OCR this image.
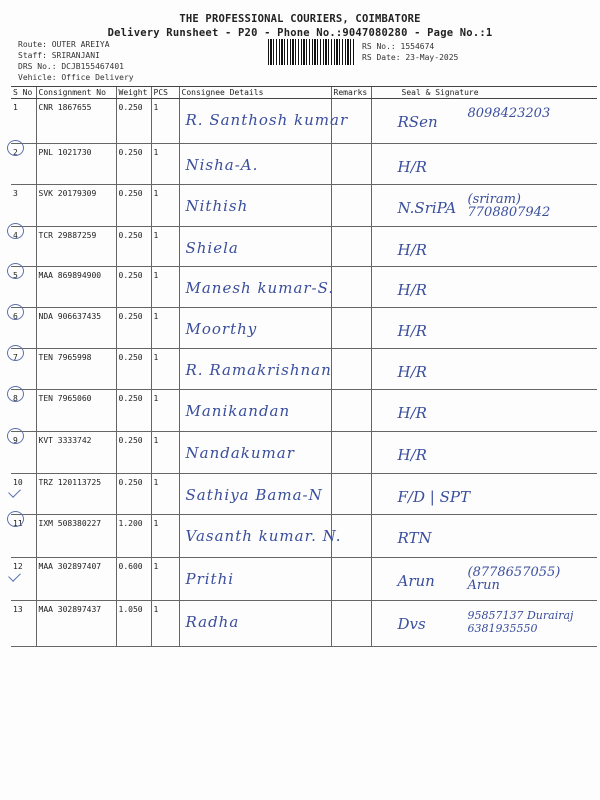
THE PROFESSIONAL COURIERS, COIMBATORE
Delivery Runsheet - P20 - Phone No.:9047080280 - Page No.:1
Route: OUTER AREIYA
Staff: SRIRANJANI
DRS No.: DCJB155467401
Vehicle: Office Delivery
RS No.: 1554674
RS Date: 23-May-2025
S No	Consignment No	Weight	PCS	Consignee Details	Remarks	Seal & Signature
1	CNR 1867655	0.250	1	R. Santhosh kumar		RSen 8098423203

2	PNL 1021730	0.250	1	Nisha-A.		H/R

3	SVK 20179309	0.250	1	Nithish		N.SriPA (sriram) 7708807942

4	TCR 29887259	0.250	1	Shiela		H/R

5	MAA 869894900	0.250	1	Manesh kumar-S.		H/R

6	NDA 906637435	0.250	1	Moorthy		H/R

7	TEN 7965998	0.250	1	R. Ramakrishnan		H/R

8	TEN 7965060	0.250	1	Manikandan		H/R

9	KVT 3333742	0.250	1	Nandakumar		H/R

10	TRZ 120113725	0.250	1	Sathiya Bama-N		F/D | SPT

11	IXM 508380227	1.200	1	Vasanth kumar. N.		RTN

12	MAA 302897407	0.600	1	Prithi		Arun (8778657055) Arun

13	MAA 302897437	1.050	1	Radha		Dvs 95857137 Durairaj 6381935550
